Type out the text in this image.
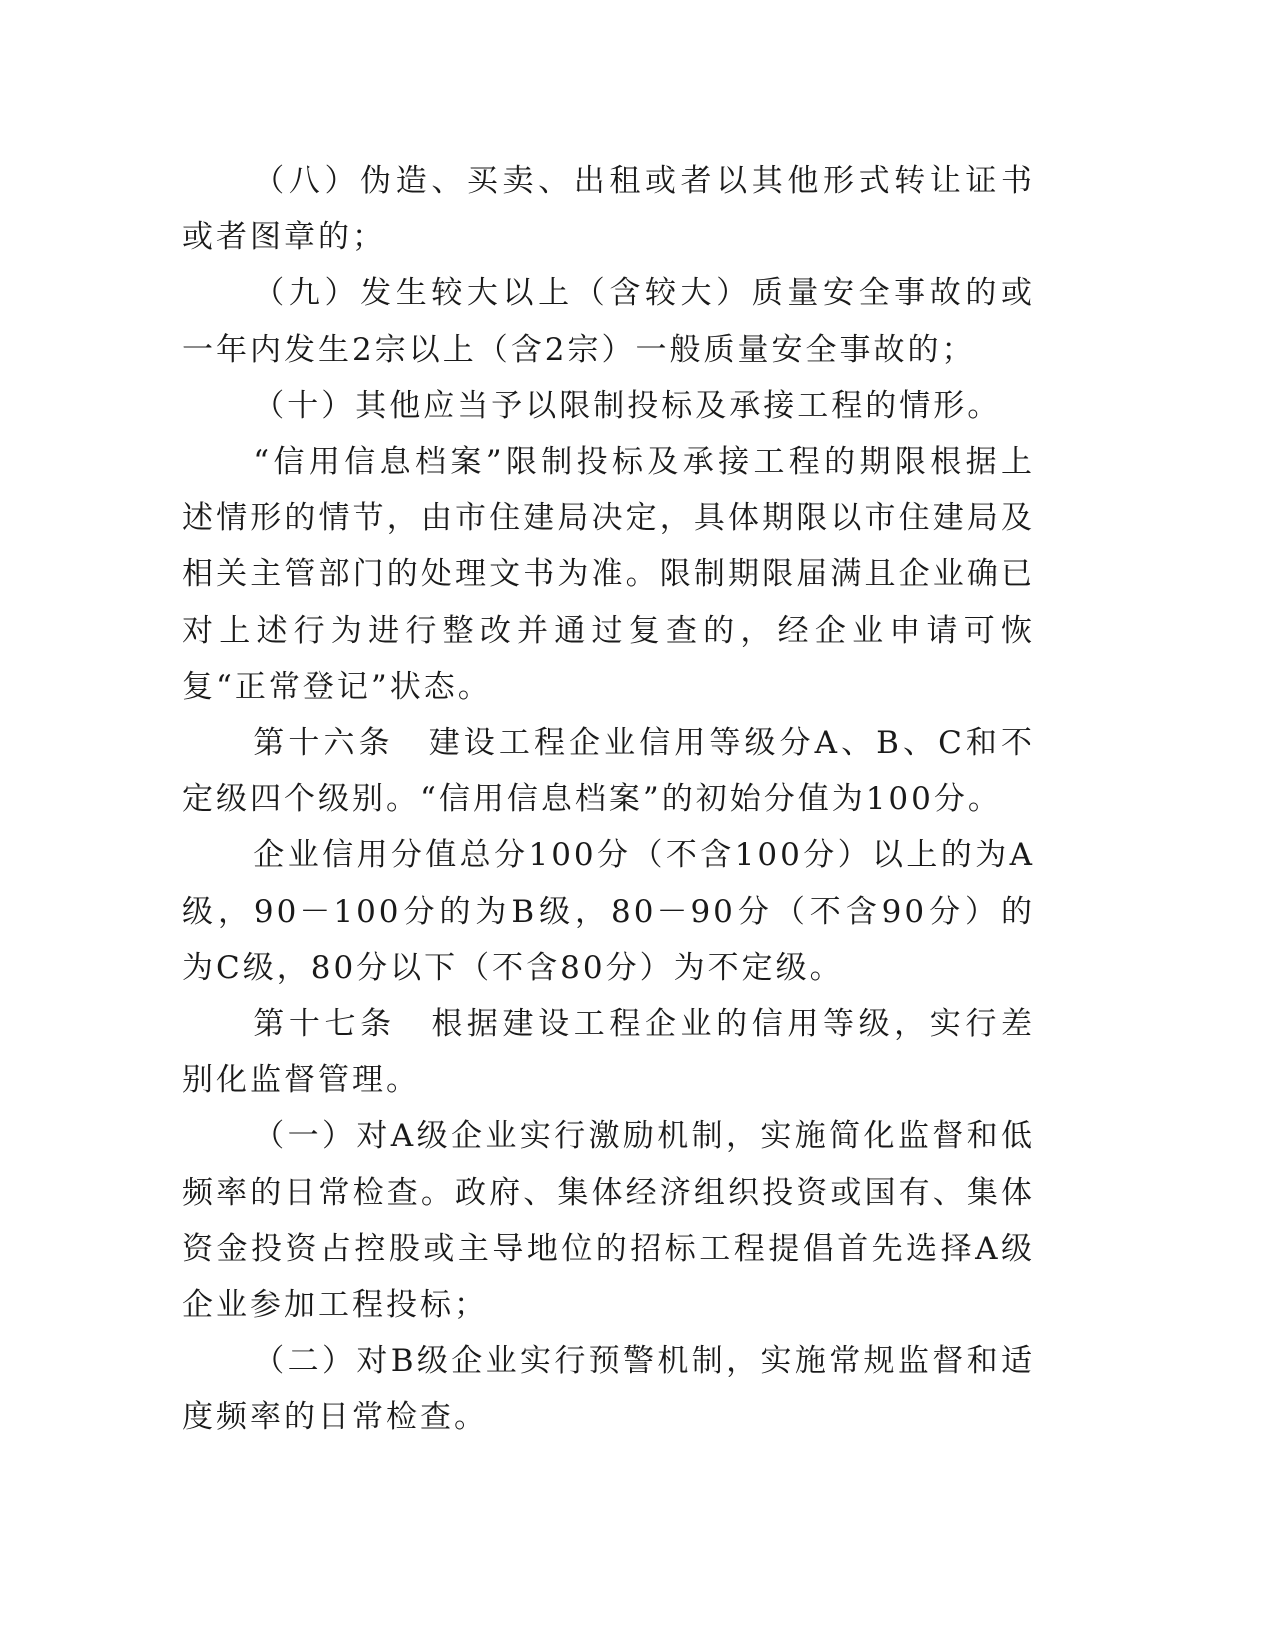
（八）伪造、买卖、出租或者以其他形式转让证书或者图章的；

（九）发生较大以上（含较大）质量安全事故的或一年内发生2宗以上（含2宗）一般质量安全事故的；

（十）其他应当予以限制投标及承接工程的情形。

“信用信息档案”限制投标及承接工程的期限根据上述情形的情节，由市住建局决定，具体期限以市住建局及相关主管部门的处理文书为准。限制期限届满且企业确已对上述行为进行整改并通过复查的，经企业申请可恢复“正常登记”状态。

第十六条　建设工程企业信用等级分A、B、C和不定级四个级别。“信用信息档案”的初始分值为100分。

企业信用分值总分100分（不含100分）以上的为A级，90－100分的为B级，80－90分（不含90分）的为C级，80分以下（不含80分）为不定级。

第十七条　根据建设工程企业的信用等级，实行差别化监督管理。

（一）对A级企业实行激励机制，实施简化监督和低频率的日常检查。政府、集体经济组织投资或国有、集体资金投资占控股或主导地位的招标工程提倡首先选择A级企业参加工程投标；

（二）对B级企业实行预警机制，实施常规监督和适度频率的日常检查。
